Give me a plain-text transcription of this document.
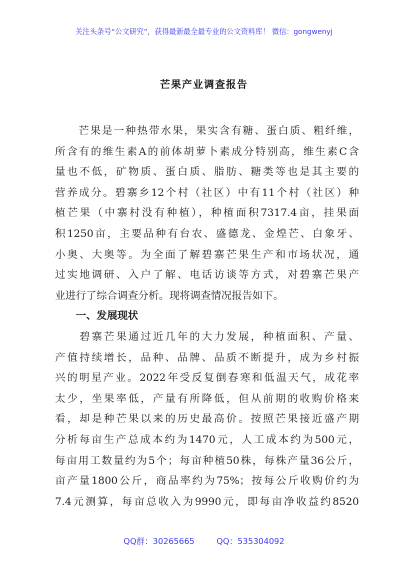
关注头条号“公文研究”，获得最新最全最专业的公文资料库！ 微信：gongwenyj
芒果产业调查报告
　　芒果是一种热带水果，果实含有糖、蛋白质、粗纤维，
所含有的维生素A的前体胡萝卜素成分特别高，维生素C含
量也不低，矿物质、蛋白质、脂肪、糖类等也是其主要的
营养成分。碧寨乡12个村（社区）中有11个村（社区）种
植芒果（中寨村没有种植），种植面积7317.4亩，挂果面
积1250亩，主要品种有台农、盛德龙、金煌芒、白象牙、
小奥、大奥等。为全面了解碧寨芒果生产和市场状况，通
过实地调研、入户了解、电话访谈等方式，对碧寨芒果产
业进行了综合调查分析。现将调查情况报告如下。
　　一、发展现状
　　碧寨芒果通过近几年的大力发展，种植面积、产量、
产值持续增长，品种、品牌、品质不断提升，成为乡村振
兴的明星产业。2022年受反复倒春寒和低温天气，成花率
太少，坐果率低，产量有所降低，但从前期的收购价格来
看，却是种芒果以来的历史最高价。按照芒果接近盛产期
分析每亩生产总成本约为1470元，人工成本约为500元，
每亩用工数量约为5个；每亩种植50株，每株产量36公斤，
亩产量1800公斤，商品率约为75%；按每公斤收购价约为
7.4元测算，每亩总收入为9990元，即每亩净收益约8520
QQ群：30265665	QQ：535304092
